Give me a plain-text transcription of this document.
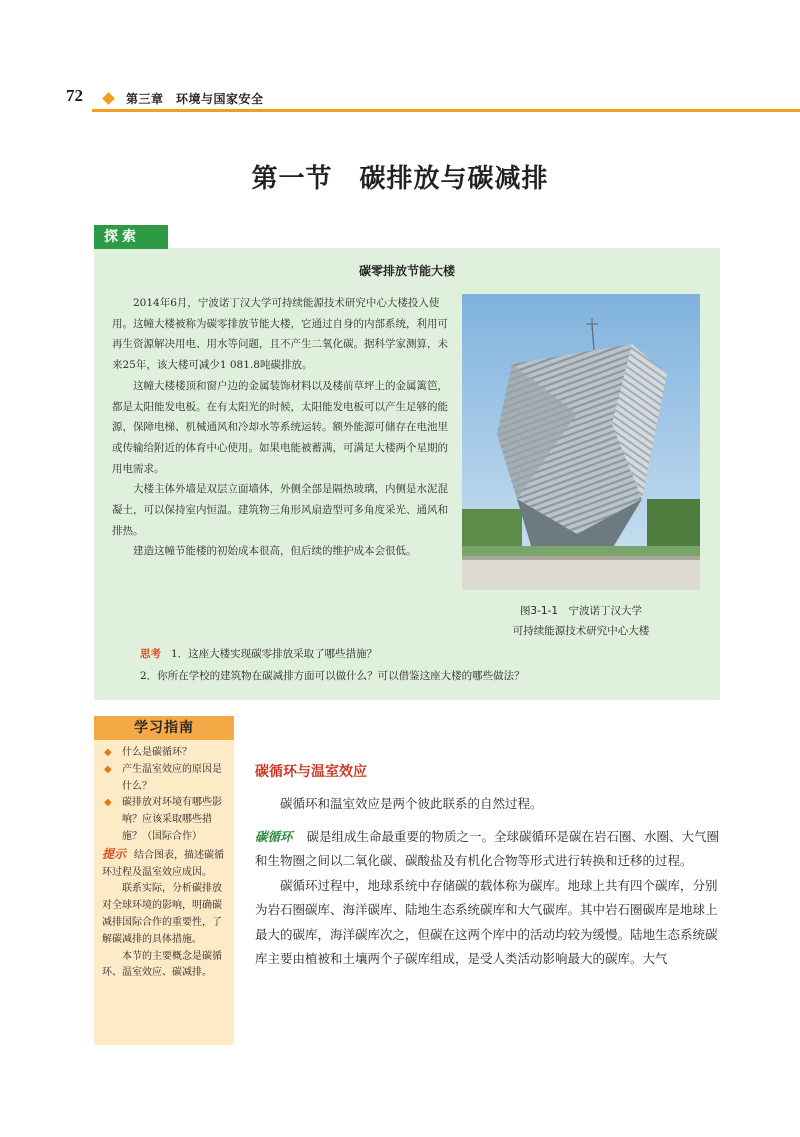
72	第三章　环境与国家安全
第一节　碳排放与碳减排
探索
碳零排放节能大楼

2014年6月，宁波诺丁汉大学可持续能源技术研究中心大楼投入使用。这幢大楼被称为碳零排放节能大楼，它通过自身的内部系统，利用可再生资源解决用电、用水等问题，且不产生二氧化碳。据科学家测算，未来25年，该大楼可减少1 081.8吨碳排放。

这幢大楼楼顶和窗户边的金属装饰材料以及楼前草坪上的金属篱笆，都是太阳能发电板。在有太阳光的时候，太阳能发电板可以产生足够的能源，保障电梯、机械通风和冷却水等系统运转。额外能源可储存在电池里或传输给附近的体育中心使用。如果电能被蓄满，可满足大楼两个星期的用电需求。

大楼主体外墙是双层立面墙体，外侧全部是隔热玻璃，内侧是水泥混凝土，可以保持室内恒温。建筑物三角形风扇造型可多角度采光、通风和排热。

建造这幢节能楼的初始成本很高，但后续的维护成本会很低。

图3-1-1　宁波诺丁汉大学
可持续能源技术研究中心大楼
思考 1．这座大楼实现碳零排放采取了哪些措施？
2．你所在学校的建筑物在碳减排方面可以做什么？可以借鉴这座大楼的哪些做法？
学习指南
◆ 什么是碳循环？
◆ 产生温室效应的原因是什么？
◆ 碳排放对环境有哪些影响？应该采取哪些措施？（国际合作）
提示 结合图表，描述碳循环过程及温室效应成因。
联系实际，分析碳排放对全球环境的影响，明确碳减排国际合作的重要性，了解碳减排的具体措施。
本节的主要概念是碳循环、温室效应、碳减排。
碳循环与温室效应

碳循环和温室效应是两个彼此联系的自然过程。

碳循环 碳是组成生命最重要的物质之一。全球碳循环是碳在岩石圈、水圈、大气圈和生物圈之间以二氧化碳、碳酸盐及有机化合物等形式进行转换和迁移的过程。

碳循环过程中，地球系统中存储碳的载体称为碳库。地球上共有四个碳库，分别为岩石圈碳库、海洋碳库、陆地生态系统碳库和大气碳库。其中岩石圈碳库是地球上最大的碳库，海洋碳库次之，但碳在这两个库中的活动均较为缓慢。陆地生态系统碳库主要由植被和土壤两个子碳库组成，是受人类活动影响最大的碳库。大气
